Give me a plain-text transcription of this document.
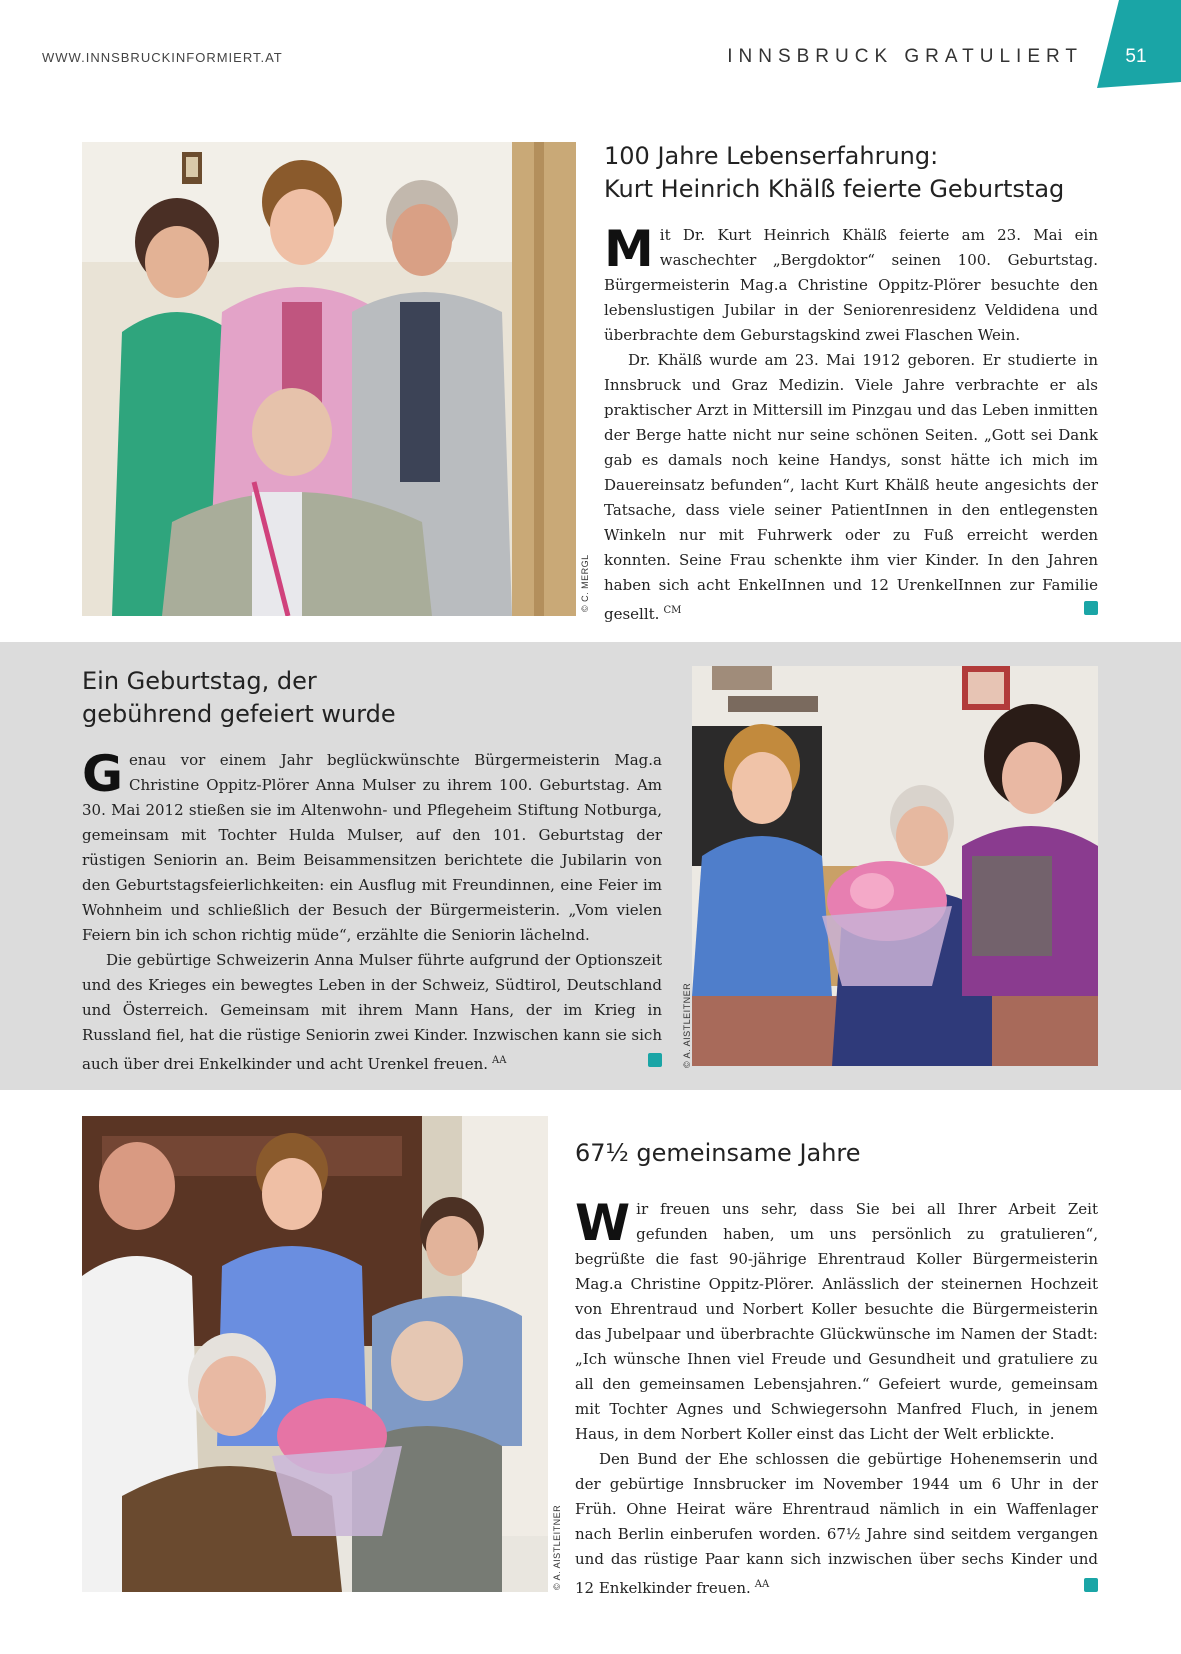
WWW.INNSBRUCKINFORMIERT.AT	INNSBRUCK GRATULIERT	51
© C. MERGL
100 Jahre Lebenserfahrung:
Kurt Heinrich Khälß feierte Geburtstag

Mit Dr. Kurt Heinrich Khälß feierte am 23. Mai ein waschechter „Bergdoktor“ seinen 100. Geburtstag. Bürgermeisterin Mag.a Christine Oppitz-Plörer besuchte den lebenslustigen Jubilar in der Seniorenresidenz Veldidena und überbrachte dem Geburstagskind zwei Flaschen Wein.

Dr. Khälß wurde am 23. Mai 1912 geboren. Er studierte in Innsbruck und Graz Medizin. Viele Jahre verbrachte er als praktischer Arzt in Mittersill im Pinzgau und das Leben inmitten der Berge hatte nicht nur seine schönen Seiten. „Gott sei Dank gab es damals noch keine Handys, sonst hätte ich mich im Dauereinsatz befunden“, lacht Kurt Khälß heute angesichts der Tatsache, dass viele seiner PatientInnen in den entlegensten Winkeln nur mit Fuhrwerk oder zu Fuß erreicht werden konnten. Seine Frau schenkte ihm vier Kinder. In den Jahren haben sich acht EnkelInnen und 12 UrenkelInnen zur Familie gesellt. $^{CM}$

Ein Geburtstag, der
gebührend gefeiert wurde

Genau vor einem Jahr beglückwünschte Bürgermeisterin Mag.a Christine Oppitz-Plörer Anna Mulser zu ihrem 100. Geburtstag. Am 30. Mai 2012 stießen sie im Altenwohn- und Pflegeheim Stiftung Notburga, gemeinsam mit Tochter Hulda Mulser, auf den 101. Geburtstag der rüstigen Seniorin an. Beim Beisammensitzen berichtete die Jubilarin von den Geburtstagsfeierlichkeiten: ein Ausflug mit Freundinnen, eine Feier im Wohnheim und schließlich der Besuch der Bürgermeisterin. „Vom vielen Feiern bin ich schon richtig müde“, erzählte die Seniorin lächelnd.

Die gebürtige Schweizerin Anna Mulser führte aufgrund der Optionszeit und des Krieges ein bewegtes Leben in der Schweiz, Südtirol, Deutschland und Österreich. Gemeinsam mit ihrem Mann Hans, der im Krieg in Russland fiel, hat die rüstige Seniorin zwei Kinder. Inzwischen kann sie sich auch über drei Enkelkinder und acht Urenkel freuen. $^{AA}$	© A. AISTLEITNER
© A. AISTLEITNER
67½ gemeinsame Jahre

Wir freuen uns sehr, dass Sie bei all Ihrer Arbeit Zeit gefunden haben, um uns persönlich zu gratulieren“, begrüßte die fast 90-jährige Ehrentraud Koller Bürgermeisterin Mag.a Christine Oppitz-Plörer. Anlässlich der steinernen Hochzeit von Ehrentraud und Norbert Koller besuchte die Bürgermeisterin das Jubelpaar und überbrachte Glückwünsche im Namen der Stadt: „Ich wünsche Ihnen viel Freude und Gesundheit und gratuliere zu all den gemeinsamen Lebensjahren.“ Gefeiert wurde, gemeinsam mit Tochter Agnes und Schwiegersohn Manfred Fluch, in jenem Haus, in dem Norbert Koller einst das Licht der Welt erblickte.

Den Bund der Ehe schlossen die gebürtige Hohenemserin und der gebürtige Innsbrucker im November 1944 um 6 Uhr in der Früh. Ohne Heirat wäre Ehrentraud nämlich in ein Waffenlager nach Berlin einberufen worden. 67½ Jahre sind seitdem vergangen und das rüstige Paar kann sich inzwischen über sechs Kinder und 12 Enkelkinder freuen. $^{AA}$
